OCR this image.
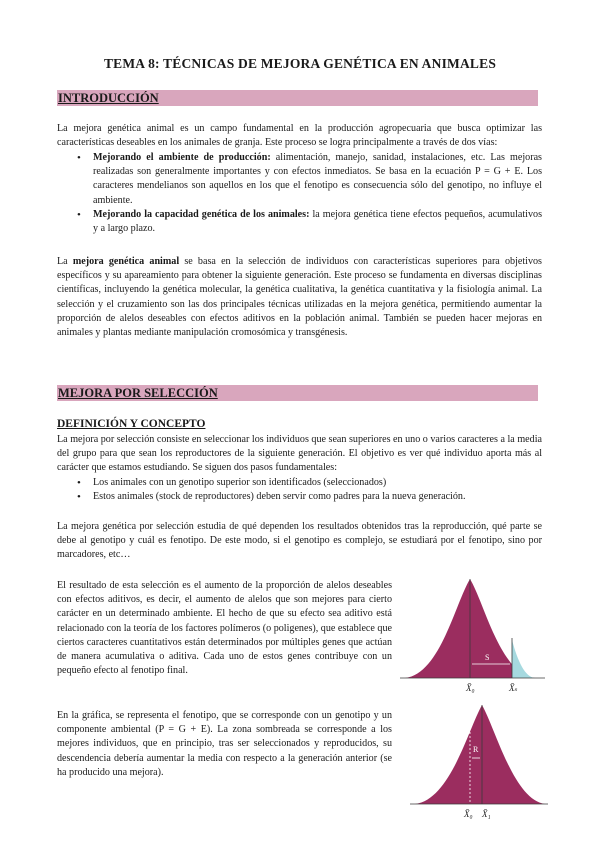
TEMA 8: TÉCNICAS DE MEJORA GENÉTICA EN ANIMALES
INTRODUCCIÓN

La mejora genética animal es un campo fundamental en la producción agropecuaria que busca optimizar las características deseables en los animales de granja. Este proceso se logra principalmente a través de dos vías:

• Mejorando el ambiente de producción: alimentación, manejo, sanidad, instalaciones, etc. Las mejoras realizadas son generalmente importantes y con efectos inmediatos. Se basa en la ecuación P = G + E. Los caracteres mendelianos son aquellos en los que el fenotipo es consecuencia sólo del genotipo, no influye el ambiente.
• Mejorando la capacidad genética de los animales: la mejora genética tiene efectos pequeños, acumulativos y a largo plazo.

La mejora genética animal se basa en la selección de individuos con características superiores para objetivos específicos y su apareamiento para obtener la siguiente generación. Este proceso se fundamenta en diversas disciplinas científicas, incluyendo la genética molecular, la genética cualitativa, la genética cuantitativa y la fisiología animal. La selección y el cruzamiento son las dos principales técnicas utilizadas en la mejora genética, permitiendo aumentar la proporción de alelos deseables con efectos aditivos en la población animal. También se pueden hacer mejoras en animales y plantas mediante manipulación cromosómica y transgénesis.

MEJORA POR SELECCIÓN
DEFINICIÓN Y CONCEPTO

La mejora por selección consiste en seleccionar los individuos que sean superiores en uno o varios caracteres a la media del grupo para que sean los reproductores de la siguiente generación. El objetivo es ver qué individuo aporta más al carácter que estamos estudiando. Se siguen dos pasos fundamentales:

• Los animales con un genotipo superior son identificados (seleccionados)
• Estos animales (stock de reproductores) deben servir como padres para la nueva generación.

La mejora genética por selección estudia de qué dependen los resultados obtenidos tras la reproducción, qué parte se debe al genotipo y cuál es fenotipo. De este modo, si el genotipo es complejo, se estudiará por el fenotipo, sino por marcadores, etc…

El resultado de esta selección es el aumento de la proporción de alelos deseables con efectos aditivos, es decir, el aumento de alelos que son mejores para cierto carácter en un determinado ambiente. El hecho de que su efecto sea aditivo está relacionado con la teoría de los factores polímeros (o poligenes), que establece que ciertos caracteres cuantitativos están determinados por múltiples genes que actúan de manera acumulativa o aditiva. Cada uno de estos genes contribuye con un pequeño efecto al fenotipo final.

En la gráfica, se representa el fenotipo, que se corresponde con un genotipo y un componente ambiental (P = G + E). La zona sombreada se corresponde a los mejores individuos, que en principio, tras ser seleccionados y reproducidos, su descendencia debería aumentar la media con respecto a la generación anterior (se ha producido una mejora).

S
X̄₀	X̄ₛ
R
X̄₀ X̄₁
